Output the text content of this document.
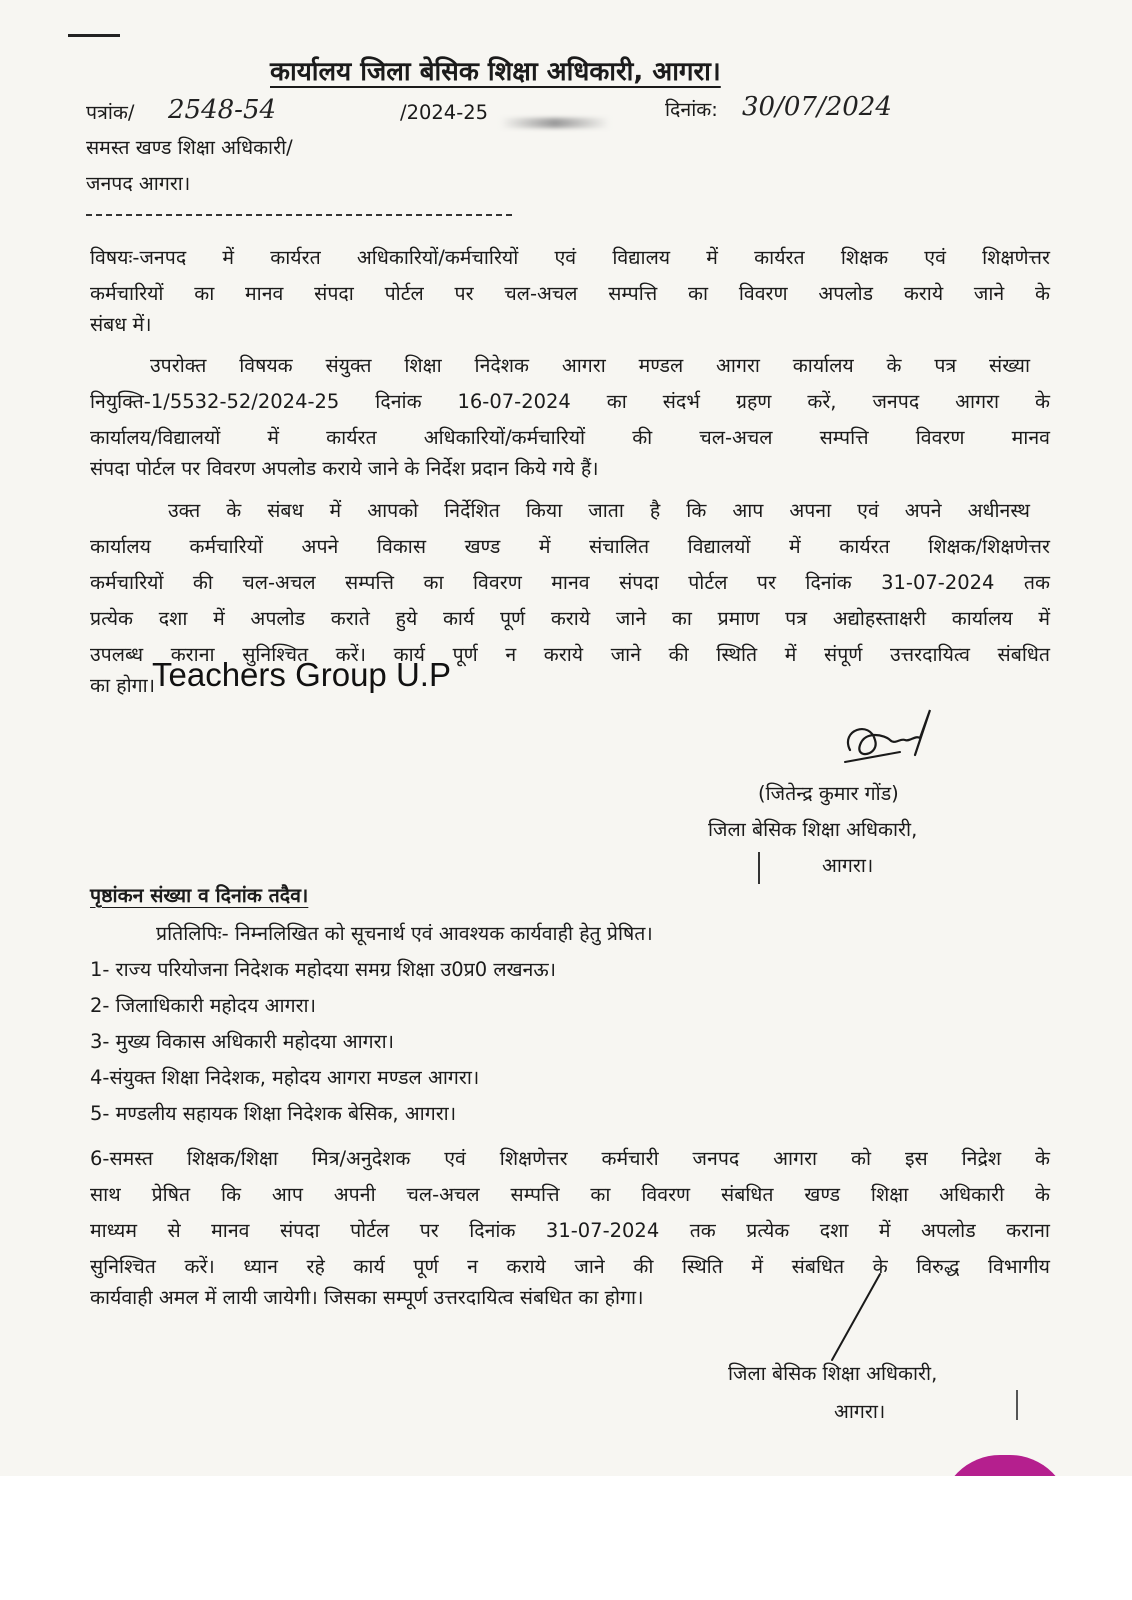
कार्यालय जिला बेसिक शिक्षा अधिकारी, आगरा।
पत्रांक/ 2548-54	/2024-25	दिनांक: 30/07/2024
समस्त खण्ड शिक्षा अधिकारी/
जनपद आगरा।
विषयः-जनपद में कार्यरत अधिकारियों/कर्मचारियों एवं विद्यालय में कार्यरत शिक्षक एवं शिक्षणेत्तर
कर्मचारियों का मानव संपदा पोर्टल पर चल-अचल सम्पत्ति का विवरण अपलोड कराये जाने के
संबध में।
उपरोक्त विषयक संयुक्त शिक्षा निदेशक आगरा मण्डल आगरा कार्यालय के पत्र संख्या
नियुक्ति-1/5532-52/2024-25 दिनांक 16-07-2024 का संदर्भ ग्रहण करें, जनपद आगरा के
कार्यालय/विद्यालयों में कार्यरत अधिकारियों/कर्मचारियों की चल-अचल सम्पत्ति विवरण मानव
संपदा पोर्टल पर विवरण अपलोड कराये जाने के निर्देश प्रदान किये गये हैं।
उक्त के संबध में आपको निर्देशित किया जाता है कि आप अपना एवं अपने अधीनस्थ
कार्यालय कर्मचारियों अपने विकास खण्ड में संचालित विद्यालयों में कार्यरत शिक्षक/शिक्षणेत्तर
कर्मचारियों की चल-अचल सम्पत्ति का विवरण मानव संपदा पोर्टल पर दिनांक 31-07-2024 तक
प्रत्येक दशा में अपलोड कराते हुये कार्य पूर्ण कराये जाने का प्रमाण पत्र अद्योहस्ताक्षरी कार्यालय में
उपलब्ध कराना सुनिश्चित करें। कार्य पूर्ण न कराये जाने की स्थिति में संपूर्ण उत्तरदायित्व संबधित
का होगा।
Teachers Group U.P
(जितेन्द्र कुमार गोंड)
जिला बेसिक शिक्षा अधिकारी,
आगरा।
पृष्ठांकन संख्या व दिनांक तदैव।
प्रतिलिपिः- निम्नलिखित को सूचनार्थ एवं आवश्यक कार्यवाही हेतु प्रेषित।
1- राज्य परियोजना निदेशक महोदया समग्र शिक्षा उ0प्र0 लखनऊ।
2- जिलाधिकारी महोदय आगरा।
3- मुख्य विकास अधिकारी महोदया आगरा।
4-संयुक्त शिक्षा निदेशक, महोदय आगरा मण्डल आगरा।
5- मण्डलीय सहायक शिक्षा निदेशक बेसिक, आगरा।
6-समस्त शिक्षक/शिक्षा मित्र/अनुदेशक एवं शिक्षणेत्तर कर्मचारी जनपद आगरा को इस निद्रेश के
साथ प्रेषित कि आप अपनी चल-अचल सम्पत्ति का विवरण संबधित खण्ड शिक्षा अधिकारी के
माध्यम से मानव संपदा पोर्टल पर दिनांक 31-07-2024 तक प्रत्येक दशा में अपलोड कराना
सुनिश्चित करें। ध्यान रहे कार्य पूर्ण न कराये जाने की स्थिति में संबधित के विरुद्ध विभागीय
कार्यवाही अमल में लायी जायेगी। जिसका सम्पूर्ण उत्तरदायित्व संबधित का होगा।
जिला बेसिक शिक्षा अधिकारी,
आगरा।
